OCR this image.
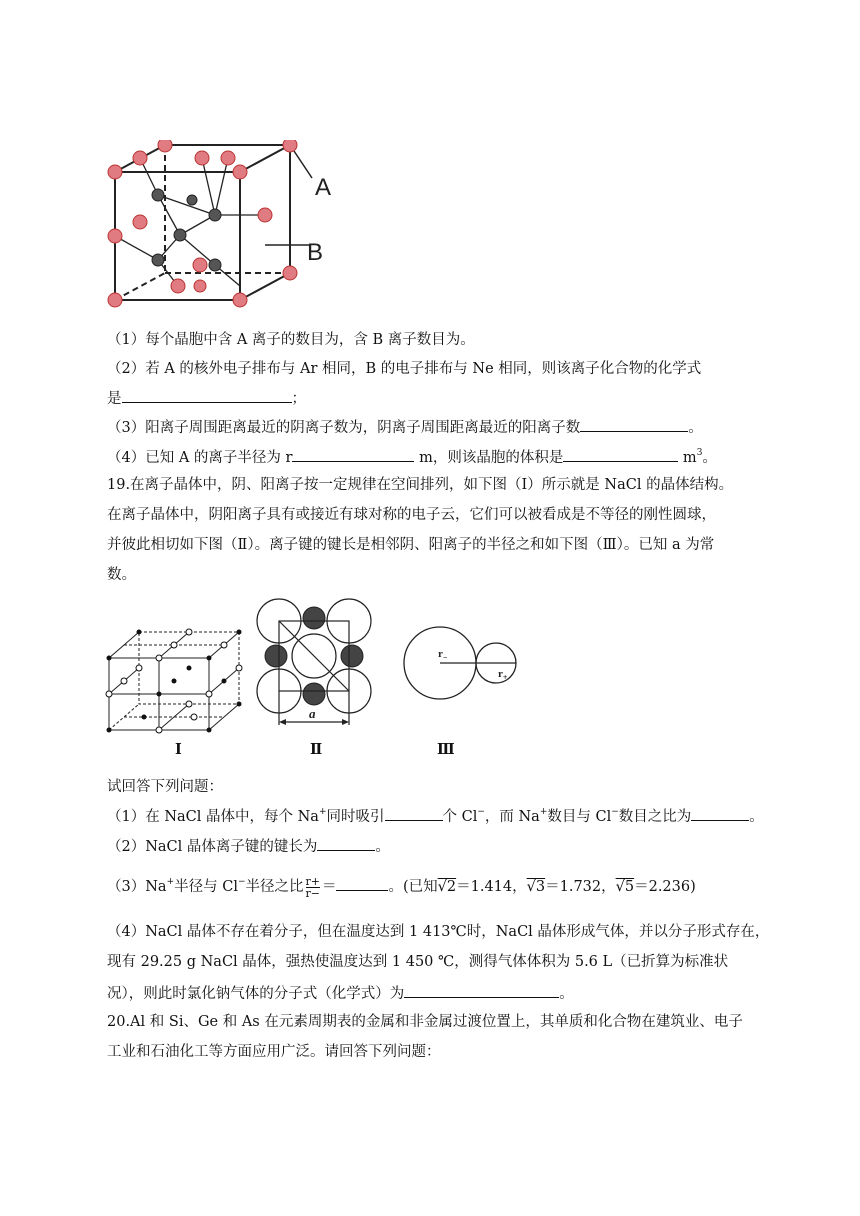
A
B
（1）每个晶胞中含 A 离子的数目为，含 B 离子数目为。
（2）若 A 的核外电子排布与 Ar 相同，B 的电子排布与 Ne 相同，则该离子化合物的化学式
是	；
（3）阳离子周围距离最近的阴离子数为，阴离子周围距离最近的阳离子数	。
（4）已知 A 的离子半径为 r	m，则该晶胞的体积是	$m^3$。
19.在离子晶体中，阴、阳离子按一定规律在空间排列，如下图（Ⅰ）所示就是 NaCl 的晶体结构。
在离子晶体中，阴阳离子具有或接近有球对称的电子云，它们可以被看成是不等径的刚性圆球，
并彼此相切如下图（Ⅱ）。离子键的键长是相邻阴、阳离子的半径之和如下图（Ⅲ）。已知 a 为常
数。
a
$r_-$
$r_+$
Ⅰ	Ⅱ	Ⅲ
试回答下列问题：
（1）在 NaCl 晶体中，每个 Na+同时吸引	个 Cl−，而 Na+数目与 Cl−数目之比为	。
（2）NaCl 晶体离子键的键长为	。
（3）Na+半径与 Cl−半径之比 $\frac{r+}{r-}$ ＝	。(已知√2＝1.414，√3＝1.732，√5＝2.236)
（4）NaCl 晶体不存在着分子，但在温度达到 1 413℃时，NaCl 晶体形成气体，并以分子形式存在，
现有 29.25 g NaCl 晶体，强热使温度达到 1 450 ℃，测得气体体积为 5.6 L（已折算为标准状
况），则此时氯化钠气体的分子式（化学式）为	。
20.Al 和 Si、Ge 和 As 在元素周期表的金属和非金属过渡位置上，其单质和化合物在建筑业、电子
工业和石油化工等方面应用广泛。请回答下列问题：
